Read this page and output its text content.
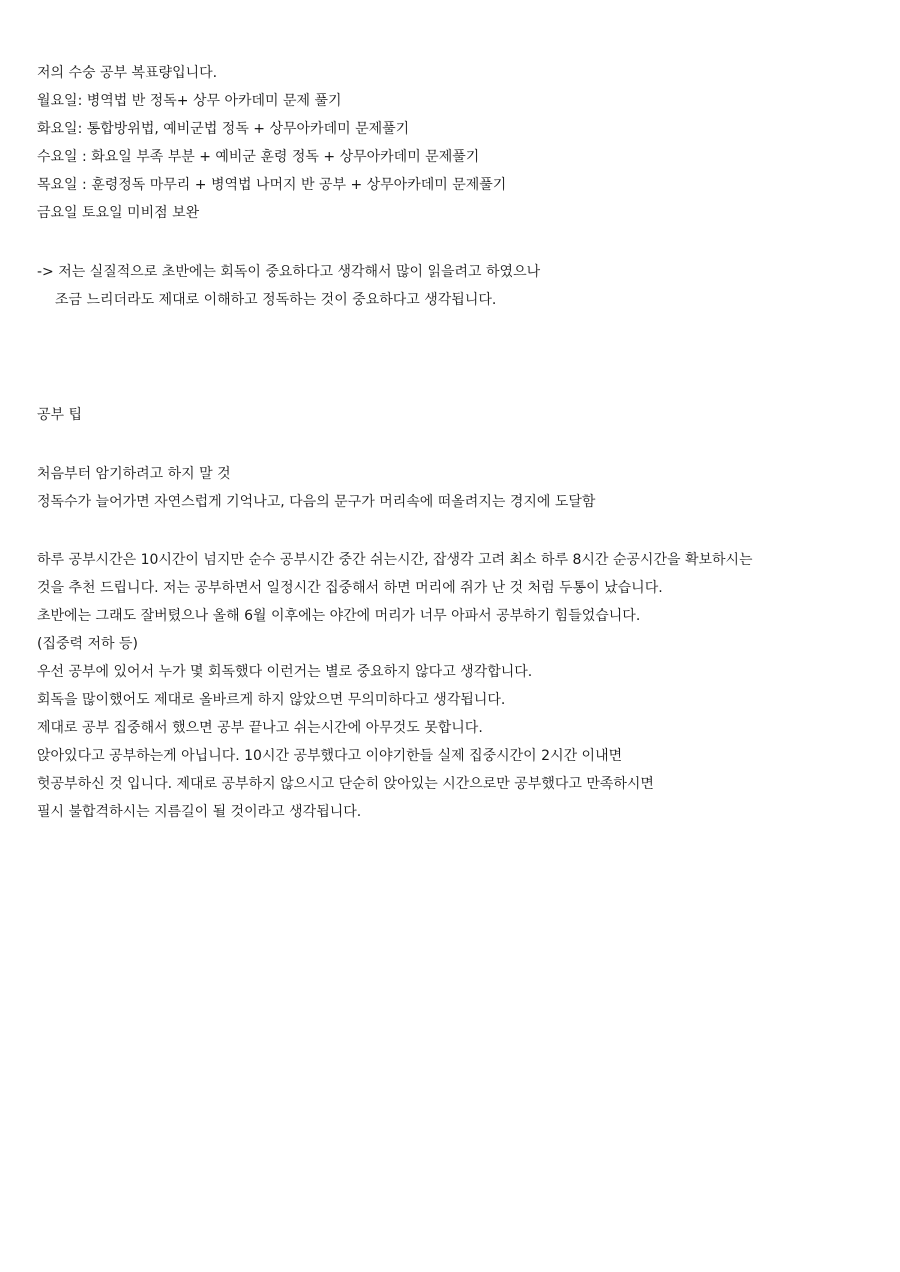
저의 수숭 공부 복표량입니다.
월요일: 병역법 반 정독+ 상무 아카데미 문제 풀기
화요일: 통합방위법, 예비군법 정독 + 상무아카데미 문제풀기
수요일 : 화요일 부족 부분 + 예비군 훈령 정독 + 상무아카데미 문제풀기
목요일 : 훈령정독 마무리 + 병역법 나머지 반 공부 + 상무아카데미 문제풀기
금요일 토요일 미비점 보완
-> 저는 실질적으로 초반에는 회독이 중요하다고 생각해서 많이 읽을려고 하였으나
조금 느리더라도 제대로 이해하고 정독하는 것이 중요하다고 생각됩니다.
공부 팁
처음부터 암기하려고 하지 말 것
정독수가 늘어가면 자연스럽게 기억나고, 다음의 문구가 머리속에 떠올려지는 경지에 도달함
하루 공부시간은 10시간이 넘지만 순수 공부시간 중간 쉬는시간, 잡생각 고려 최소 하루 8시간 순공시간을 확보하시는
것을 추천 드립니다. 저는 공부하면서 일정시간 집중해서 하면 머리에 쥐가 난 것 처럼 두통이 났습니다.
초반에는 그래도 잘버텼으나 올해 6월 이후에는 야간에 머리가 너무 아파서 공부하기 힘들었습니다.
(집중력 저하 등)
우선 공부에 있어서 누가 몇 회독했다 이런거는 별로 중요하지 않다고 생각합니다.
회독을 많이했어도 제대로 올바르게 하지 않았으면 무의미하다고 생각됩니다.
제대로 공부 집중해서 했으면 공부 끝나고 쉬는시간에 아무것도 못합니다.
앉아있다고 공부하는게 아닙니다. 10시간 공부했다고 이야기한들 실제 집중시간이 2시간 이내면
헛공부하신 것 입니다. 제대로 공부하지 않으시고 단순히 앉아있는 시간으로만 공부했다고 만족하시면
필시 불합격하시는 지름길이 될 것이라고 생각됩니다.
